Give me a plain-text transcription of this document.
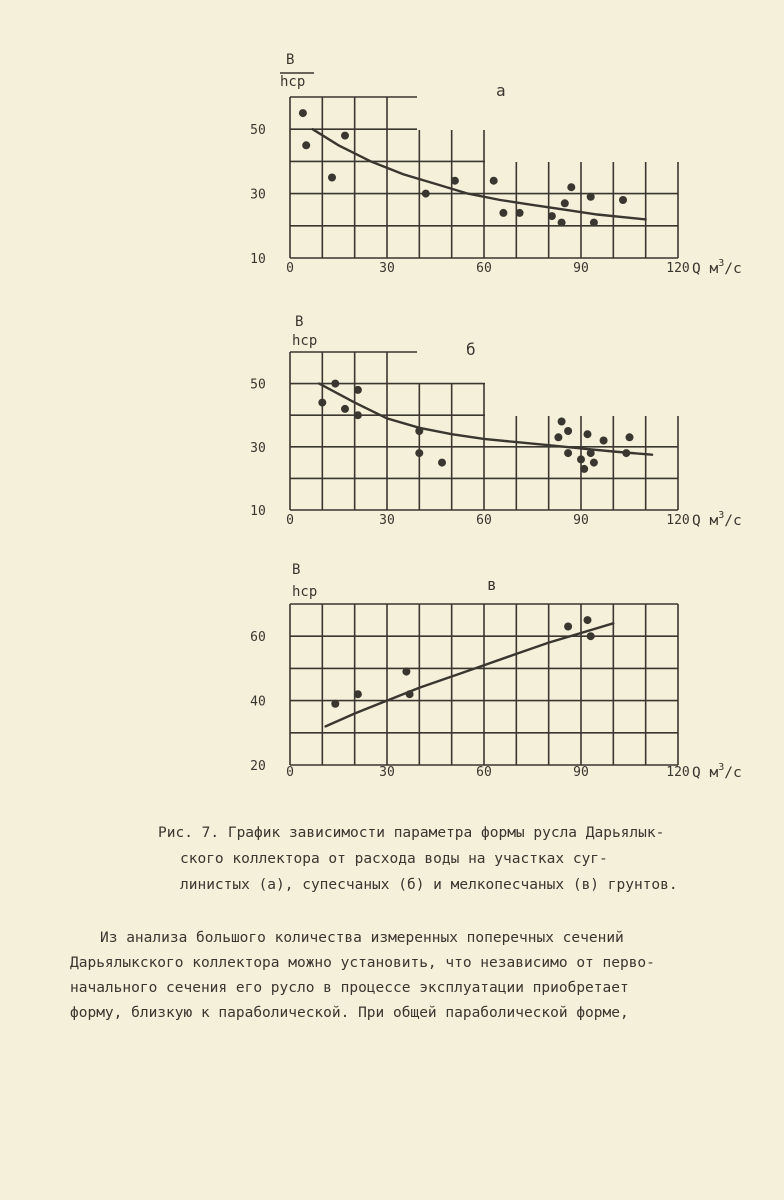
0	30	60	90	120
10
30
50
Q $м^3/с$
В
hср	а
0	30	60	90	120
10
30
50
Q $м^3/с$
В
hср	б
0	30	60	90	120
20
40
60
Q $м^3/с$
В
hср	в
Рис. 7. График зависимости параметра формы русла Дарьялык-
ского коллектора от расхода воды на участках суг-
линистых (а), супесчаных (б) и мелкопесчаных (в) грунтов.
Из анализа большого количества измеренных поперечных сечений
Дарьялыкского коллектора можно установить, что независимо от перво-
начального сечения его русло в процессе эксплуатации приобретает
форму, близкую к параболической. При общей параболической форме,
